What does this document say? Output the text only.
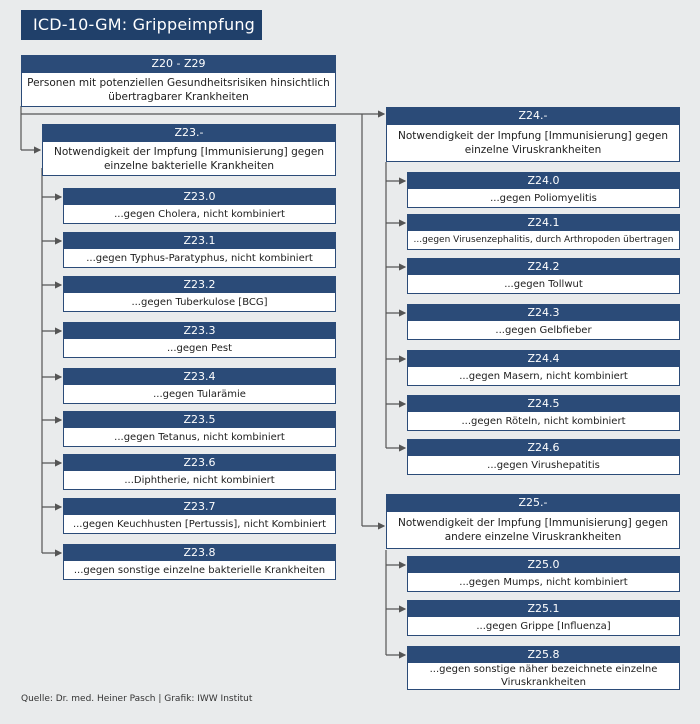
ICD-10-GM: Grippeimpfung
Z20 - Z29
Personen mit potenziellen Gesundheitsrisiken hinsichtlich übertragbarer Krankheiten
Z23.-
Notwendigkeit der Impfung [Immunisierung] gegen einzelne bakterielle Krankheiten
Z23.0
...gegen Cholera, nicht kombiniert
Z23.1
...gegen Typhus-Paratyphus, nicht kombiniert
Z23.2
...gegen Tuberkulose [BCG]
Z23.3
...gegen Pest
Z23.4
...gegen Tularämie
Z23.5
...gegen Tetanus, nicht kombiniert
Z23.6
...Diphtherie, nicht kombiniert
Z23.7
...gegen Keuchhusten [Pertussis], nicht Kombiniert
Z23.8
...gegen sonstige einzelne bakterielle Krankheiten
Z24.-
Notwendigkeit der Impfung [Immunisierung] gegen einzelne Viruskrankheiten
Z24.0
...gegen Poliomyelitis
Z24.1
...gegen Virusenzephalitis, durch Arthropoden übertragen
Z24.2
...gegen Tollwut
Z24.3
...gegen Gelbfieber
Z24.4
...gegen Masern, nicht kombiniert
Z24.5
...gegen Röteln, nicht kombiniert
Z24.6
...gegen Virushepatitis
Z25.-
Notwendigkeit der Impfung [Immunisierung] gegen andere einzelne Viruskrankheiten
Z25.0
...gegen Mumps, nicht kombiniert
Z25.1
...gegen Grippe [Influenza]
Z25.8
...gegen sonstige näher bezeichnete einzelne Viruskrankheiten
Quelle: Dr. med. Heiner Pasch | Grafik: IWW Institut
